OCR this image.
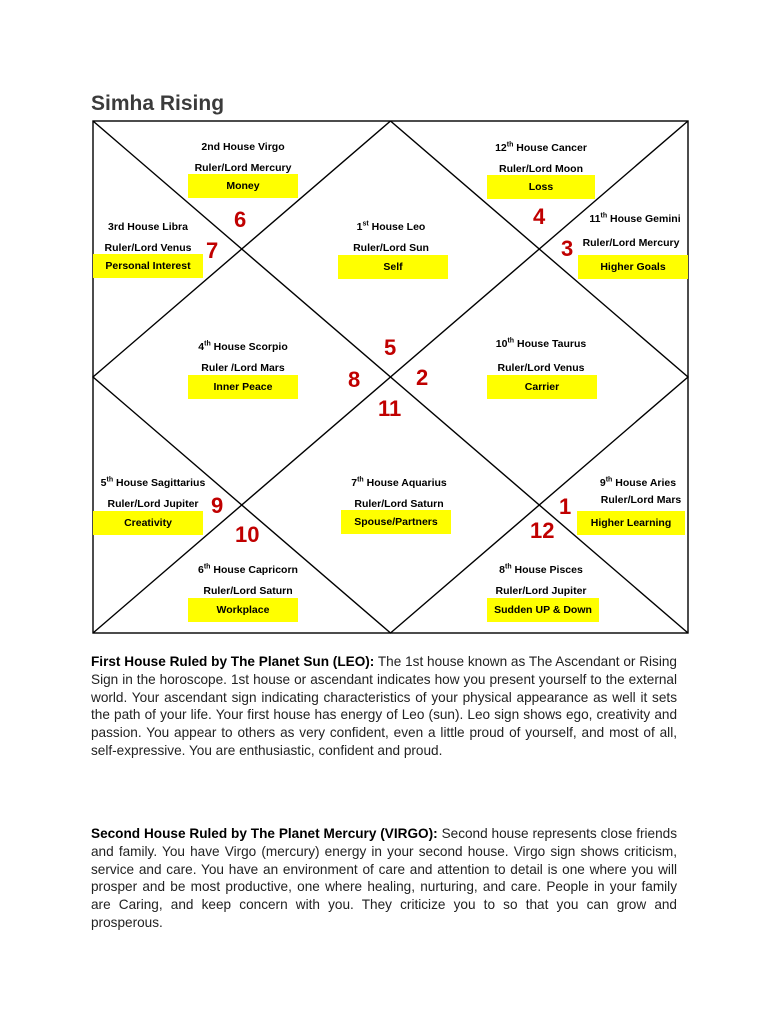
Simha Rising
1st House Leo
Ruler/Lord Sun
Self
2nd House Virgo
Ruler/Lord Mercury
Money
3rd House Libra
Ruler/Lord Venus
Personal Interest
4th House Scorpio
Ruler /Lord Mars
Inner Peace
5th House Sagittarius
Ruler/Lord Jupiter
Creativity
6th House Capricorn
Ruler/Lord Saturn
Workplace
7th House Aquarius
Ruler/Lord Saturn
Spouse/Partners
8th House Pisces
Ruler/Lord Jupiter
Sudden UP & Down
9th House Aries
Ruler/Lord Mars
Higher Learning
10th House Taurus
Ruler/Lord Venus
Carrier
11th House Gemini
Ruler/Lord Mercury
Higher Goals
12th House Cancer
Ruler/Lord Moon
Loss
5
6
7
8
9
10
11
12
1
2
3
4

First House Ruled by The Planet Sun (LEO): The 1st house known as The Ascendant or Rising Sign in the horoscope. 1st house or ascendant indicates how you present yourself to the external world. Your ascendant sign indicating characteristics of your physical appearance as well it sets the path of your life. Your first house has energy of Leo (sun). Leo sign shows ego, creativity and passion. You appear to others as very confident, even a little proud of yourself, and most of all, self-expressive. You are enthusiastic, confident and proud.

Second House Ruled by The Planet Mercury (VIRGO): Second house represents close friends and family. You have Virgo (mercury) energy in your second house. Virgo sign shows criticism, service and care. You have an environment of care and attention to detail is one where you will prosper and be most productive, one where healing, nurturing, and care. People in your family are Caring, and keep concern with you. They criticize you to so that you can grow and prosperous.
